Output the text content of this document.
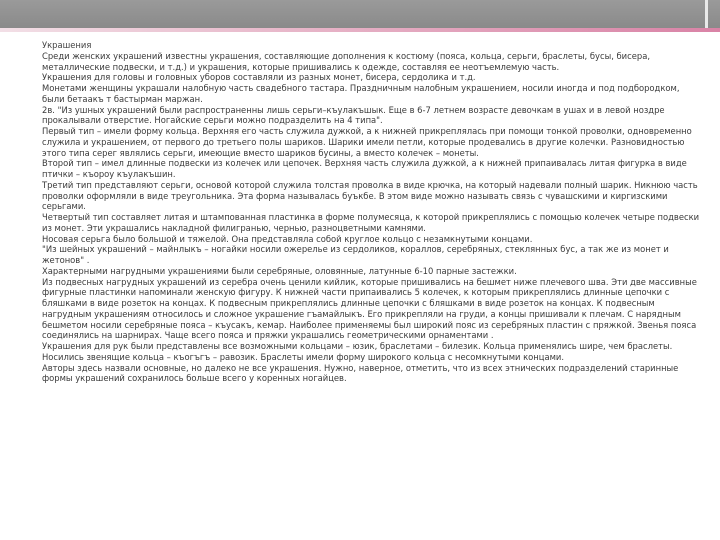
Украшения

Среди женских украшений известны украшения, составляющие дополнения к костюму (пояса, кольца, серьги, браслеты, бусы, бисера, металлические подвески, и т.д.) и украшения, которые пришивались к одежде, составляя ее неотъемлемую часть.

Украшения для головы и головных уборов составляли из разных монет, бисера, сердолика и т.д.

Монетами женщины украшали налобную часть свадебного тастара. Праздничным налобным украшением, носили иногда и под подбородком, были бетаакъ т бастырман маржан.

2в. "Из ушных украшений были распространенны лишь серьги–къулакъшык. Еще в 6-7 летнем возрасте девочкам в ушах и в левой ноздре прокалывали отверстие. Ногайские серьги можно подразделить на 4 типа".

Первый тип – имели форму кольца. Верхняя его часть служила дужкой, а к нижней прикреплялась при помощи тонкой проволки, одновременно служила и украшением, от первого до третьего полы шариков. Шарики имели петли, которые продевались в другие колечки. Разновидностью этого типа серег являлись серьги, имеющие вместо шариков бусины, а вместо колечек – монеты.

Второй тип – имел длинные подвески из колечек или цепочек. Верхняя часть служила дужкой, а к нижней припаивалась литая фигурка в виде птички – къороу къулакъшин.

Третий тип представляют серьги, основой которой служила толстая проволка в виде крючка, на который надевали полный шарик. Никнюю часть проволки оформляли в виде треугольника. Эта форма называлась буъкбе. В этом виде можно называть связь с чувашскими и киргизскими серьгами.

Четвертый тип составляет литая и штампованная пластинка в форме полумесяца, к которой прикреплялись с помощью колечек четыре подвески из монет. Эти украшались накладной филигранью, чернью, разноцветными камнями.

Носовая серьга было большой и тяжелой. Она представляла собой круглое кольцо с незамкнутыми концами.

"Из шейных украшений – майнлыкъ – ногайки носили ожерелье из сердоликов, кораллов, серебряных, стеклянных бус, а так же из монет и жетонов" .

Характерными нагрудными украшениями были серебряные, оловянные, латунные 6-10 парные застежки.

Из подвесных нагрудных украшений из серебра очень ценили кийлик, которые пришивались на бешмет ниже плечевого шва. Эти две массивные фигурные пластинки напоминали женскую фигуру. К нижней части припаивались 5 колечек, к которым прикреплялись длинные цепочки с бляшками в виде розеток на концах. К подвесным прикреплялись длинные цепочки с бляшками в виде розеток на концах. К подвесным нагрудным украшениям относилось и сложное украшение гъамайлыкъ. Его прикрепляли на груди, а концы пришивали к плечам. С нарядным бешметом носили серебряные пояса – къусакъ, кемар. Наиболее применяемы был широкий пояс из серебряных пластин с пряжкой. Звенья пояса соединялись на шарнирах. Чаще всего пояса и пряжки украшались геометрическими орнаментами .

Украшения для рук были представлены все возможными кольцами – юзик, браслетами – билезик. Кольца применялись шире, чем браслеты. Носились звенящие кольца – къогъгъ – равозик. Браслеты имели форму широкого кольца с несомкнутыми концами.

Авторы здесь назвали основные, но далеко не все украшения. Нужно, наверное, отметить, что из всех этнических подразделений старинные формы украшений сохранилось больше всего у коренных ногайцев.
